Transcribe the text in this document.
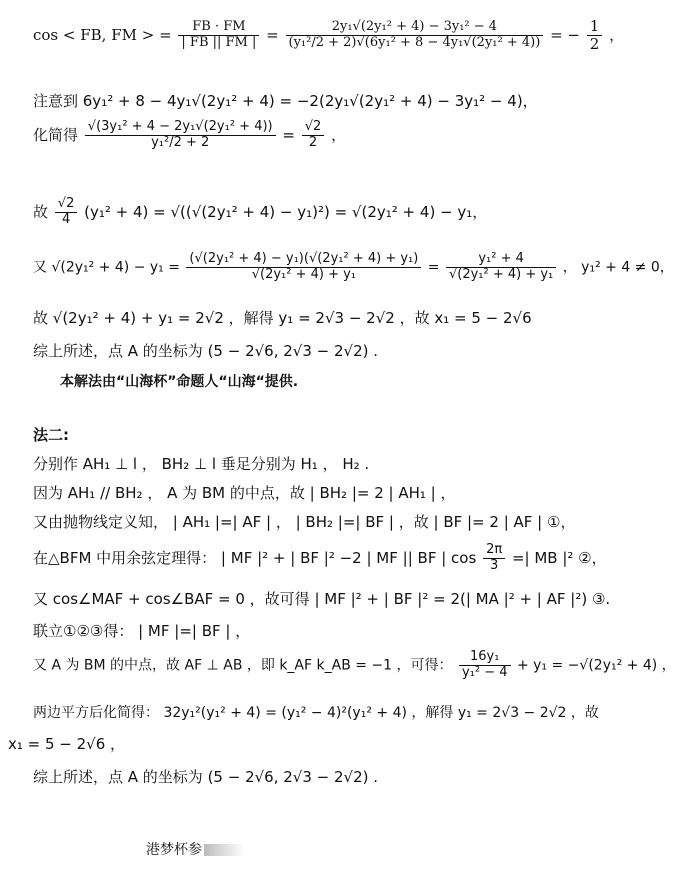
cos < FB, FM > = $\frac{FB \cdot FM}{| FB || FM |} = \frac{\text{2y₁√(2y₁² + 4) − 3y₁² − 4}}{\text{(y₁²/2 + 2)√(6y₁² + 8 − 4y₁√(2y₁² + 4))}}$ = − $\frac{1}{2}$ ，
注意到 6y₁² + 8 − 4y₁√(2y₁² + 4) = −2(2y₁√(2y₁² + 4) − 3y₁² − 4)，
化简得 $\frac{\text{√(3y₁² + 4 − 2y₁√(2y₁² + 4))}}{\text{y₁²/2 + 2}} = \frac{√2}{2}$ ，
故 $\frac{√2}{4} (y_1^2 + 4) = √((√(2y_1^2 + 4) - y_1)^2) = √(2y_1^2 + 4) - y_1$，
又 $√(2y_1^2 + 4) - y_1 = \frac{\text{(√(2y₁² + 4) − y₁)(√(2y₁² + 4) + y₁)}}{\text{√(2y₁² + 4) + y₁}} = \frac{\text{y₁² + 4}}{\text{√(2y₁² + 4) + y₁}}$ ， y₁² + 4 ≠ 0，
故 √(2y₁² + 4) + y₁ = 2√2 ，解得 y₁ = 2√3 − 2√2 ，故 x₁ = 5 − 2√6
综上所述，点 A 的坐标为 (5 − 2√6, 2√3 − 2√2) .
本解法由“山海杯”命题人“山海“提供.
法二:
分别作 AH₁ ⊥ l ， BH₂ ⊥ l 垂足分别为 H₁ ， H₂ .
因为 AH₁ // BH₂ ， A 为 BM 的中点，故 | BH₂ |= 2 | AH₁ | ，
又由抛物线定义知， | AH₁ |=| AF | ， | BH₂ |=| BF | ，故 | BF |= 2 | AF | ①，
在△BFM 中用余弦定理得： | MF |² + | BF |² −2 | MF || BF | $\cos \frac{2\pi}{3}$ =| MB |² ②，
又 cos∠MAF + cos∠BAF = 0 ，故可得 | MF |² + | BF |² = 2(| MA |² + | AF |²) ③.
联立①②③得： | MF |=| BF | ，
又 A 为 BM 的中点，故 AF ⊥ AB ，即 k_AF k_AB = −1 ，可得： $\frac{\text{16y₁}}{\text{y₁² − 4}} + y_1 = -√(2y_1^2 + 4)$ ，
两边平方后化简得： 32y₁²(y₁² + 4) = (y₁² − 4)²(y₁² + 4) ，解得 y₁ = 2√3 − 2√2 ，故
x₁ = 5 − 2√6 ，
综上所述，点 A 的坐标为 (5 − 2√6, 2√3 − 2√2) .
港梦杯参
